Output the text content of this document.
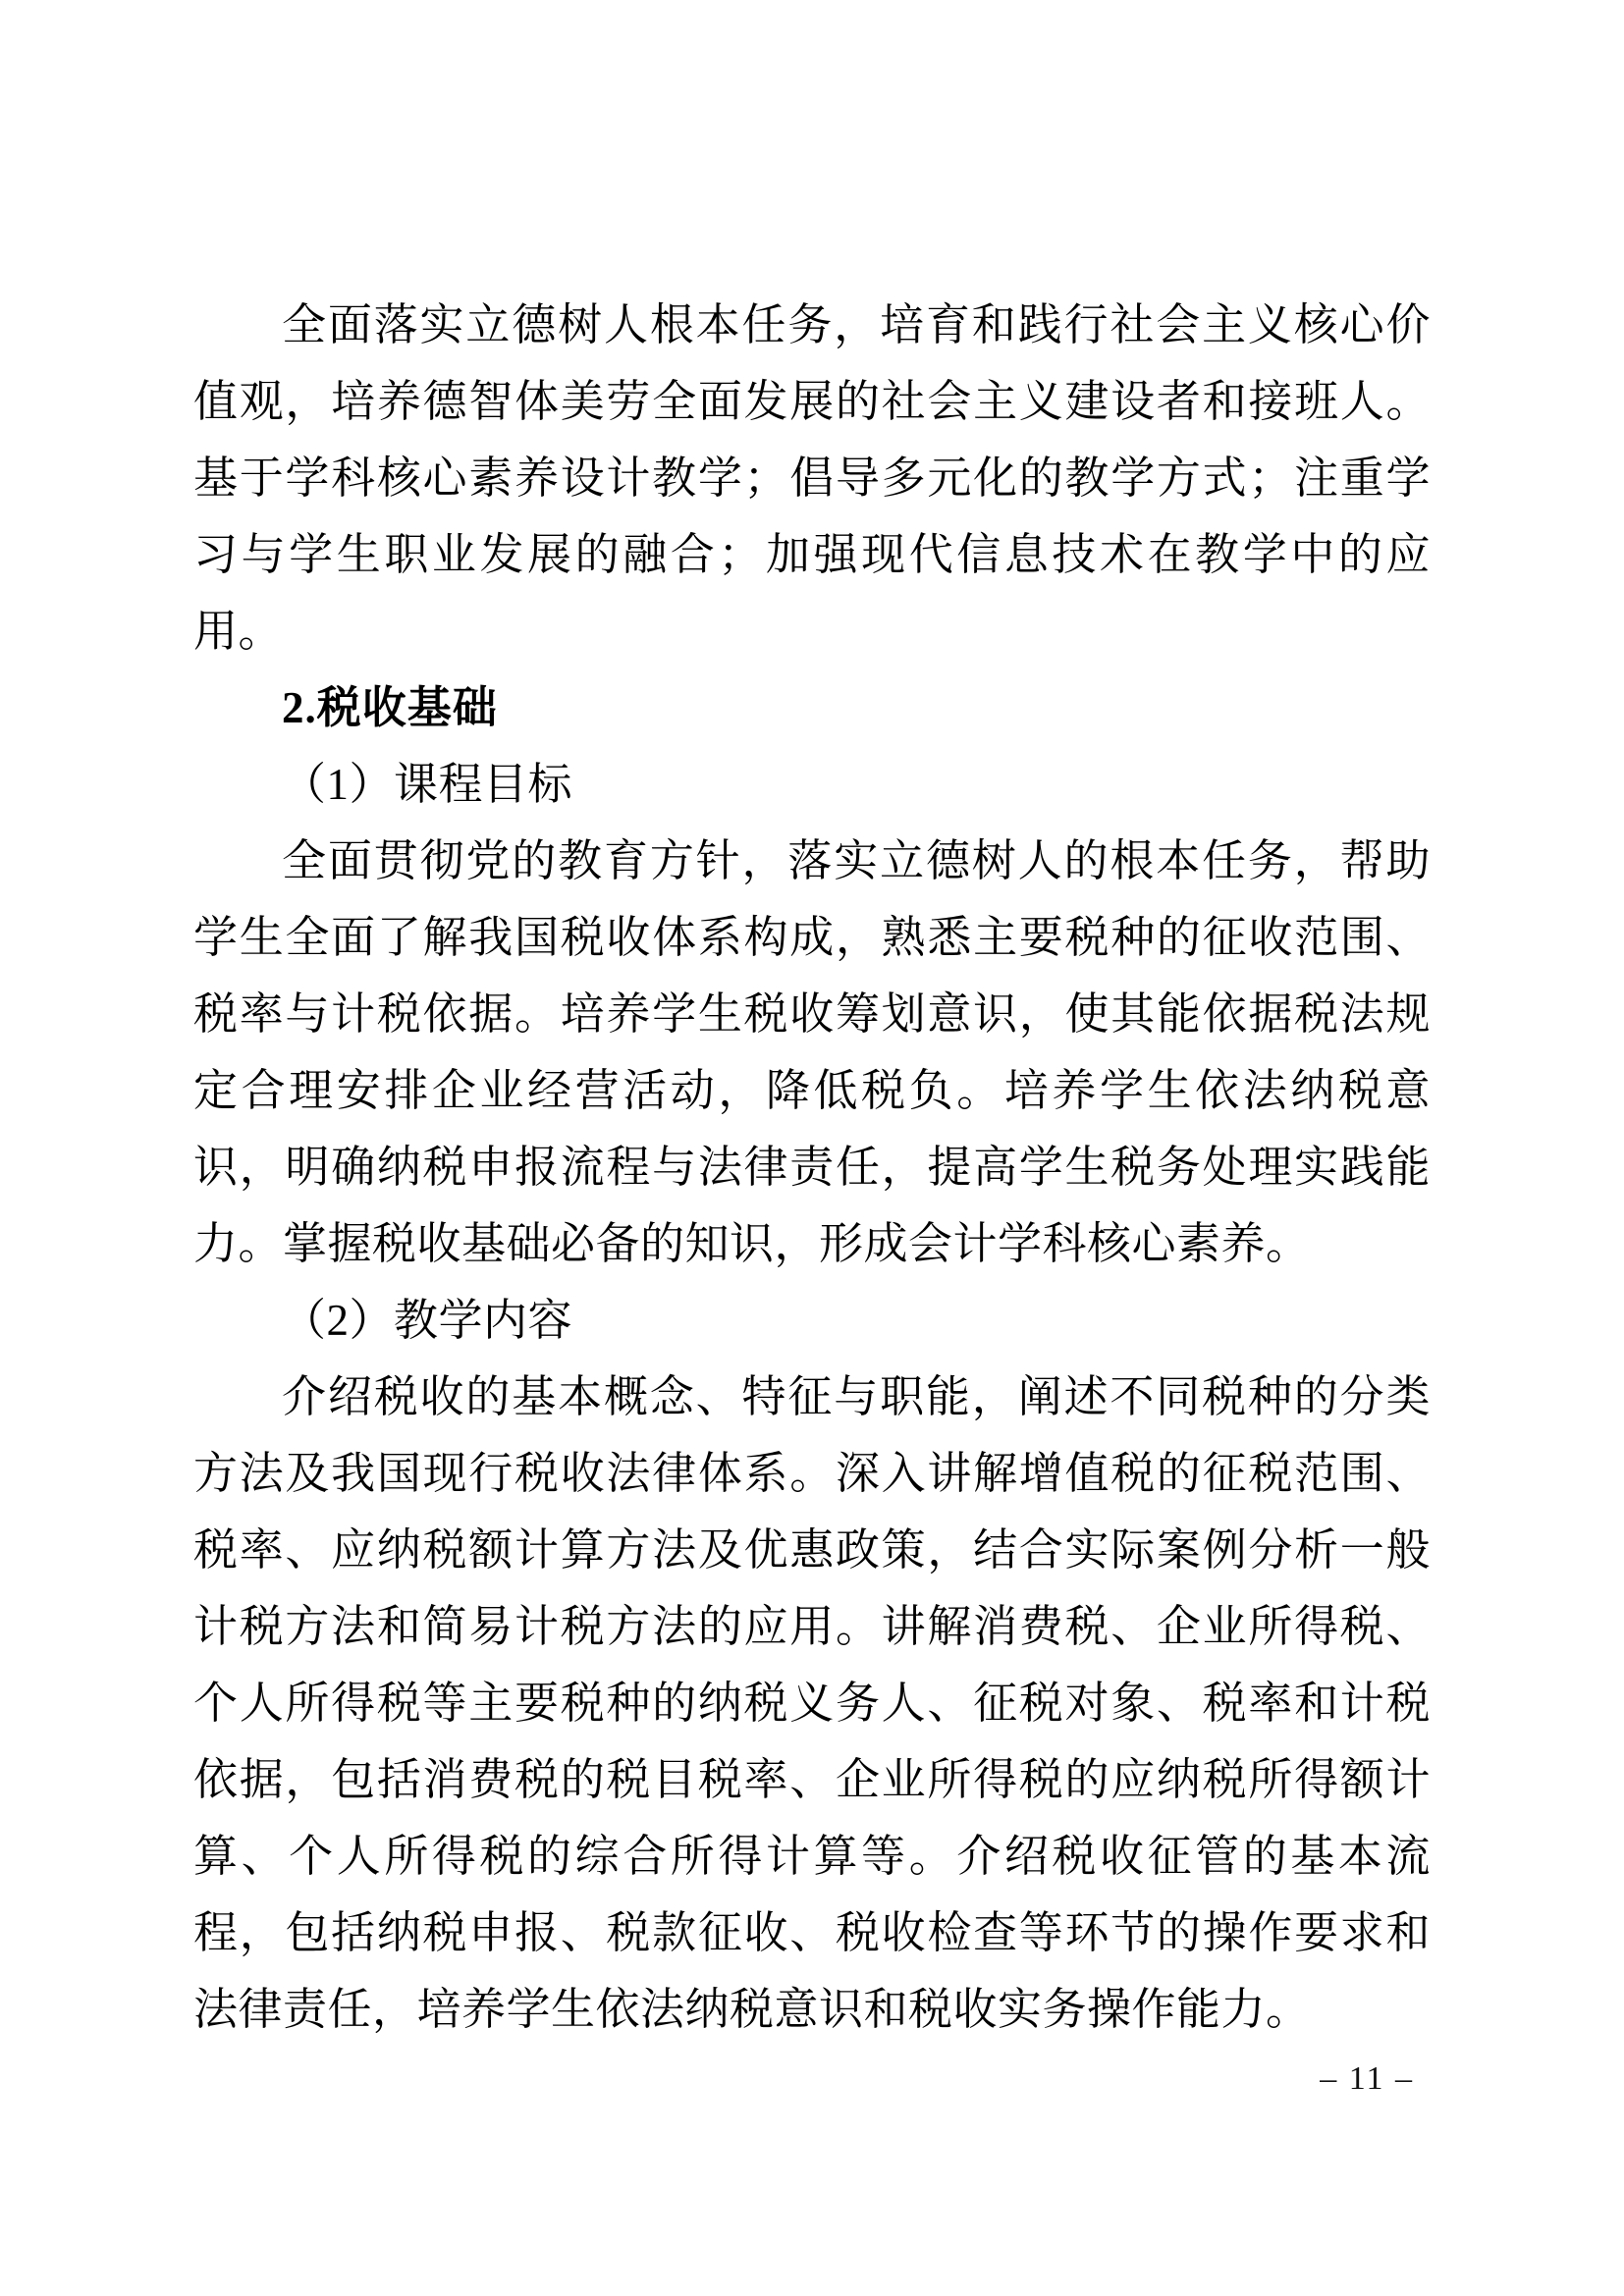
全面落实立德树人根本任务，培育和践行社会主义核心价值观，培养德智体美劳全面发展的社会主义建设者和接班人。基于学科核心素养设计教学；倡导多元化的教学方式；注重学习与学生职业发展的融合；加强现代信息技术在教学中的应用。

2.税收基础

（1）课程目标

全面贯彻党的教育方针，落实立德树人的根本任务，帮助学生全面了解我国税收体系构成，熟悉主要税种的征收范围、税率与计税依据。培养学生税收筹划意识，使其能依据税法规定合理安排企业经营活动，降低税负。培养学生依法纳税意识，明确纳税申报流程与法律责任，提高学生税务处理实践能力。掌握税收基础必备的知识，形成会计学科核心素养。

（2）教学内容

介绍税收的基本概念、特征与职能，阐述不同税种的分类方法及我国现行税收法律体系。深入讲解增值税的征税范围、税率、应纳税额计算方法及优惠政策，结合实际案例分析一般计税方法和简易计税方法的应用。讲解消费税、企业所得税、个人所得税等主要税种的纳税义务人、征税对象、税率和计税依据，包括消费税的税目税率、企业所得税的应纳税所得额计算、个人所得税的综合所得计算等。介绍税收征管的基本流程，包括纳税申报、税款征收、税收检查等环节的操作要求和法律责任，培养学生依法纳税意识和税收实务操作能力。

– 11 –
